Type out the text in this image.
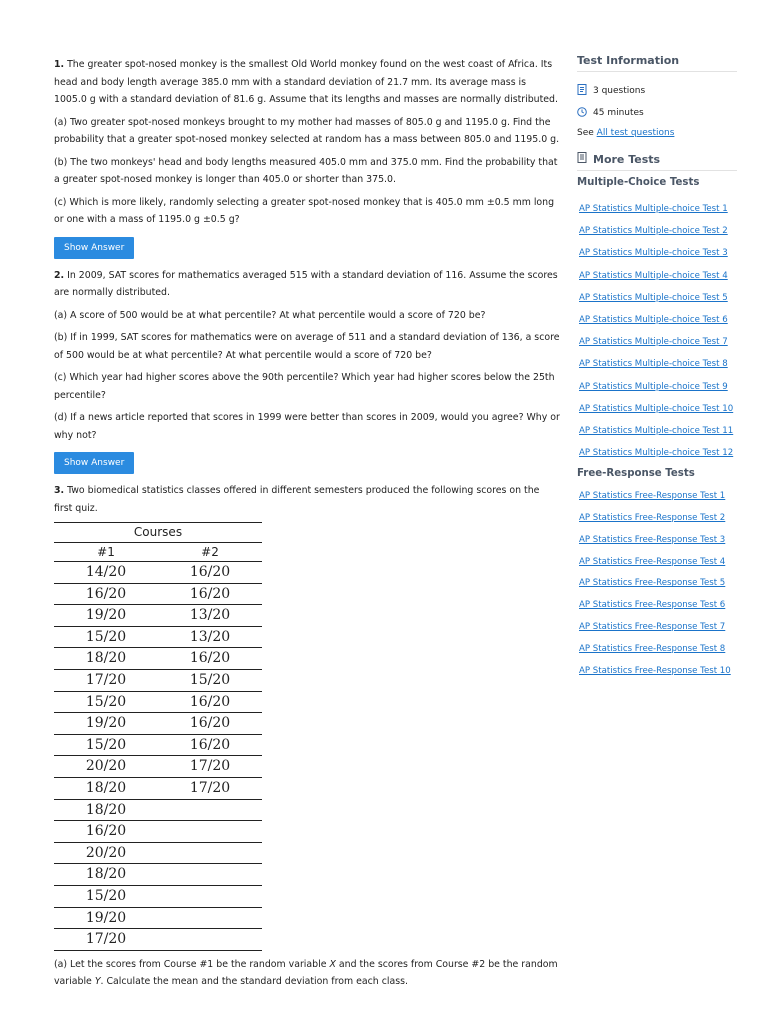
1. The greater spot-nosed monkey is the smallest Old World monkey found on the west coast of Africa. Its head and body length average 385.0 mm with a standard deviation of 21.7 mm. Its average mass is 1005.0 g with a standard deviation of 81.6 g. Assume that its lengths and masses are normally distributed.

(a) Two greater spot-nosed monkeys brought to my mother had masses of 805.0 g and 1195.0 g. Find the probability that a greater spot-nosed monkey selected at random has a mass between 805.0 and 1195.0 g.

(b) The two monkeys' head and body lengths measured 405.0 mm and 375.0 mm. Find the probability that a greater spot-nosed monkey is longer than 405.0 or shorter than 375.0.

(c) Which is more likely, randomly selecting a greater spot-nosed monkey that is 405.0 mm ±0.5 mm long or one with a mass of 1195.0 g ±0.5 g?

Show Answer

2. In 2009, SAT scores for mathematics averaged 515 with a standard deviation of 116. Assume the scores are normally distributed.

(a) A score of 500 would be at what percentile? At what percentile would a score of 720 be?

(b) If in 1999, SAT scores for mathematics were on average of 511 and a standard deviation of 136, a score of 500 would be at what percentile? At what percentile would a score of 720 be?

(c) Which year had higher scores above the 90th percentile? Which year had higher scores below the 25th percentile?

(d) If a news article reported that scores in 1999 were better than scores in 2009, would you agree? Why or why not?

Show Answer

3. Two biomedical statistics classes offered in different semesters produced the following scores on the first quiz.

Courses	
#1	#2
14/20	16/20
16/20	16/20
19/20	13/20
15/20	13/20
18/20	16/20
17/20	15/20
15/20	16/20
19/20	16/20
15/20	16/20
20/20	17/20
18/20	17/20
18/20	
16/20	
20/20	
18/20	
15/20	
19/20	
17/20	

(a) Let the scores from Course #1 be the random variable X and the scores from Course #2 be the random variable Y. Calculate the mean and the standard deviation from each class.

Test Information
3 questions
45 minutes
See All test questions
More Tests
Multiple-Choice Tests
AP Statistics Multiple-choice Test 1
AP Statistics Multiple-choice Test 2
AP Statistics Multiple-choice Test 3
AP Statistics Multiple-choice Test 4
AP Statistics Multiple-choice Test 5
AP Statistics Multiple-choice Test 6
AP Statistics Multiple-choice Test 7
AP Statistics Multiple-choice Test 8
AP Statistics Multiple-choice Test 9
AP Statistics Multiple-choice Test 10
AP Statistics Multiple-choice Test 11
AP Statistics Multiple-choice Test 12
Free-Response Tests
AP Statistics Free-Response Test 1
AP Statistics Free-Response Test 2
AP Statistics Free-Response Test 3
AP Statistics Free-Response Test 4
AP Statistics Free-Response Test 5
AP Statistics Free-Response Test 6
AP Statistics Free-Response Test 7
AP Statistics Free-Response Test 8
AP Statistics Free-Response Test 10
